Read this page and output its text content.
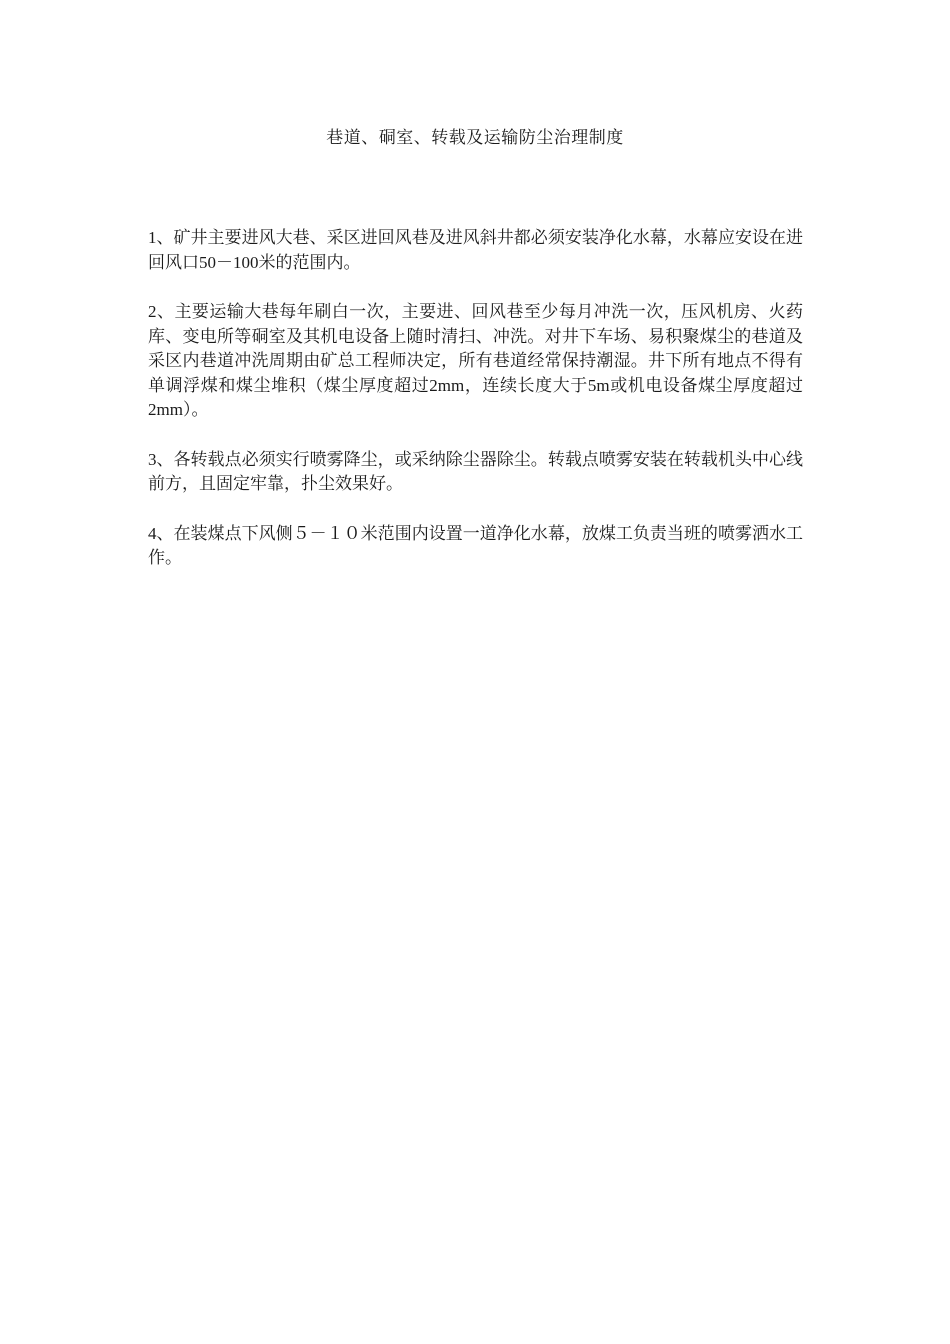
巷道、硐室、转载及运输防尘治理制度

1、矿井主要进风大巷、采区进回风巷及进风斜井都必须安装净化水幕，水幕应安设在进回风口50－100米的范围内。

2、主要运输大巷每年刷白一次，主要进、回风巷至少每月冲洗一次，压风机房、火药库、变电所等硐室及其机电设备上随时清扫、冲洗。对井下车场、易积聚煤尘的巷道及采区内巷道冲洗周期由矿总工程师决定，所有巷道经常保持潮湿。井下所有地点不得有单调浮煤和煤尘堆积（煤尘厚度超过2mm，连续长度大于5m或机电设备煤尘厚度超过2mm）。

3、各转载点必须实行喷雾降尘，或采纳除尘器除尘。转载点喷雾安装在转载机头中心线前方，且固定牢靠，扑尘效果好。

4、在装煤点下风侧５－１０米范围内设置一道净化水幕，放煤工负责当班的喷雾洒水工作。
